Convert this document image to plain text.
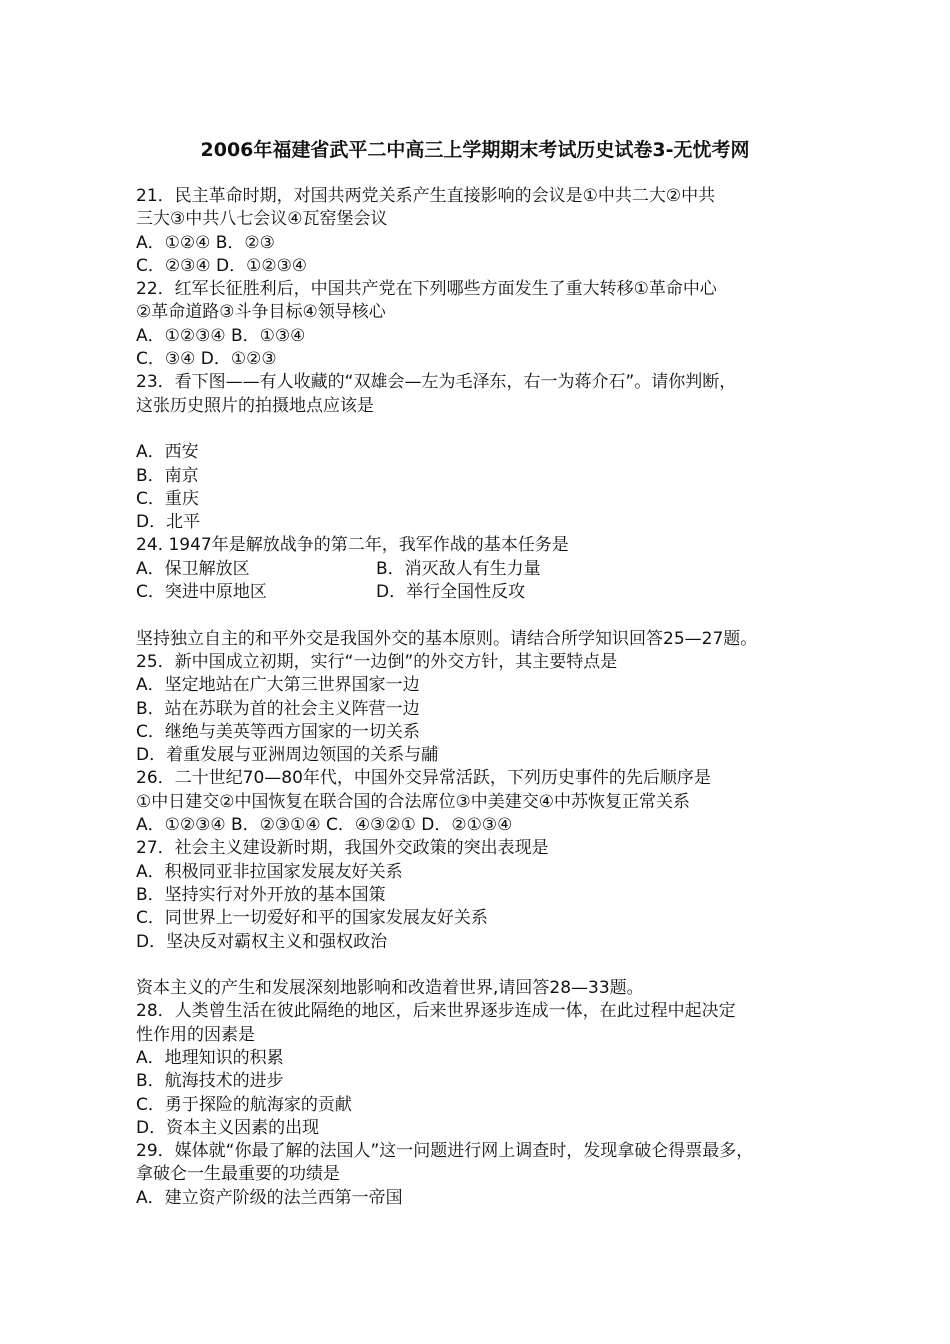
2006年福建省武平二中高三上学期期末考试历史试卷3-无忧考网
21．民主革命时期，对国共两党关系产生直接影响的会议是①中共二大②中共
三大③中共八七会议④瓦窑堡会议
A．①②④ B．②③
C．②③④ D．①②③④
22．红军长征胜利后，中国共产党在下列哪些方面发生了重大转移①革命中心
②革命道路③斗争目标④领导核心
A．①②③④ B．①③④
C．③④ D．①②③
23．看下图——有人收藏的“双雄会—左为毛泽东，右一为蒋介石”。请你判断，
这张历史照片的拍摄地点应该是
A．西安
B．南京
C．重庆
D．北平
24. 1947年是解放战争的第二年，我军作战的基本任务是
A．保卫解放区	B．消灭敌人有生力量
C．突进中原地区	D．举行全国性反攻
坚持独立自主的和平外交是我国外交的基本原则。请结合所学知识回答25—27题。
25．新中国成立初期，实行“一边倒”的外交方针，其主要特点是
A．坚定地站在广大第三世界国家一边
B．站在苏联为首的社会主义阵营一边
C．继绝与美英等西方国家的一切关系
D．着重发展与亚洲周边领国的关系与鬴
26．二十世纪70—80年代，中国外交异常活跃，下列历史事件的先后顺序是
①中日建交②中国恢复在联合国的合法席位③中美建交④中苏恢复正常关系
A．①②③④ B．②③①④ C．④③②① D．②①③④
27．社会主义建设新时期，我国外交政策的突出表现是
A．积极同亚非拉国家发展友好关系
B．坚持实行对外开放的基本国策
C．同世界上一切爱好和平的国家发展友好关系
D．坚决反对霸权主义和强权政治
资本主义的产生和发展深刻地影响和改造着世界,请回答28—33题。
28．人类曾生活在彼此隔绝的地区，后来世界逐步连成一体，在此过程中起决定
性作用的因素是
A．地理知识的积累
B．航海技术的进步
C．勇于探险的航海家的贡献
D．资本主义因素的出现
29．媒体就“你最了解的法国人”这一问题进行网上调查时，发现拿破仑得票最多，
拿破仑一生最重要的功绩是
A．建立资产阶级的法兰西第一帝国
